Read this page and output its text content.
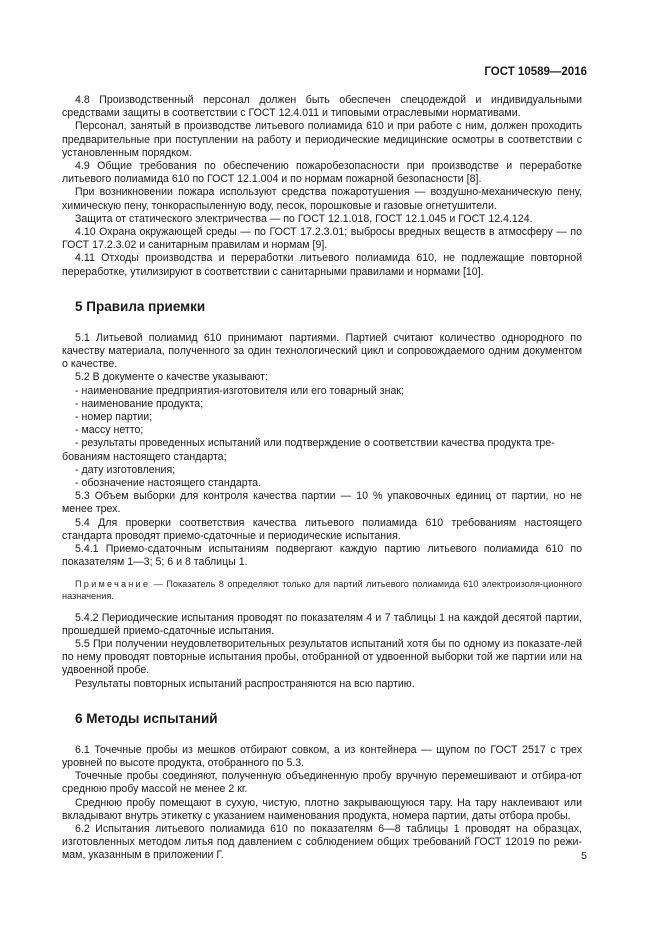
ГОСТ 10589—2016

4.8 Производственный персонал должен быть обеспечен спецодеждой и индивидуальными средствами защиты в соответствии с ГОСТ 12.4.011 и типовыми отраслевыми нормативами.

Персонал, занятый в производстве литьевого полиамида 610 и при работе с ним, должен проходить предварительные при поступлении на работу и периодические медицинские осмотры в соответствии с установленным порядком.

4.9 Общие требования по обеспечению пожаробезопасности при производстве и переработке литьевого полиамида 610 по ГОСТ 12.1.004 и по нормам пожарной безопасности [8].

При возникновении пожара используют средства пожаротушения — воздушно-механическую пену, химическую пену, тонкораспыленную воду, песок, порошковые и газовые огнетушители.

Защита от статического электричества — по ГОСТ 12.1.018, ГОСТ 12.1.045 и ГОСТ 12.4.124.

4.10 Охрана окружающей среды — по ГОСТ 17.2.3.01; выбросы вредных веществ в атмосферу — по ГОСТ 17.2.3.02 и санитарным правилам и нормам [9].

4.11 Отходы производства и переработки литьевого полиамида 610, не подлежащие повторной переработке, утилизируют в соответствии с санитарными правилами и нормами [10].

5 Правила приемки

5.1 Литьевой полиамид 610 принимают партиями. Партией считают количество однородного по качеству материала, полученного за один технологический цикл и сопровождаемого одним документом о качестве.

5.2 В документе о качестве указывают:

- наименование предприятия-изготовителя или его товарный знак;

- наименование продукта;

- номер партии;

- массу нетто;

- результаты проведенных испытаний или подтверждение о соответствии качества продукта тре-

бованиям настоящего стандарта;

- дату изготовления;

- обозначение настоящего стандарта.

5.3 Объем выборки для контроля качества партии — 10 % упаковочных единиц от партии, но не менее трех.

5.4 Для проверки соответствия качества литьевого полиамида 610 требованиям настоящего стандарта проводят приемо-сдаточные и периодические испытания.

5.4.1 Приемо-сдаточным испытаниям подвергают каждую партию литьевого полиамида 610 по показателям 1—3; 5; 6 и 8 таблицы 1.

Примечание — Показатель 8 определяют только для партий литьевого полиамида 610 электроизоля-ционного назначения.

5.4.2 Периодические испытания проводят по показателям 4 и 7 таблицы 1 на каждой десятой партии, прошедшей приемо-сдаточные испытания.

5.5 При получении неудовлетворительных результатов испытаний хотя бы по одному из показате-лей по нему проводят повторные испытания пробы, отобранной от удвоенной выборки той же партии или на удвоенной пробе.

Результаты повторных испытаний распространяются на всю партию.

6 Методы испытаний

6.1 Точечные пробы из мешков отбирают совком, а из контейнера — щупом по ГОСТ 2517 с трех уровней по высоте продукта, отобранного по 5.3.

Точечные пробы соединяют, полученную объединенную пробу вручную перемешивают и отбира-ют среднюю пробу массой не менее 2 кг.

Среднюю пробу помещают в сухую, чистую, плотно закрывающуюся тару. На тару наклеивают или вкладывают внутрь этикетку с указанием наименования продукта, номера партии, даты отбора пробы.

6.2 Испытания литьевого полиамида 610 по показателям 6—8 таблицы 1 проводят на образцах, изготовленных методом литья под давлением с соблюдением общих требований ГОСТ 12019 по режи-мам, указанным в приложении Г.	5
